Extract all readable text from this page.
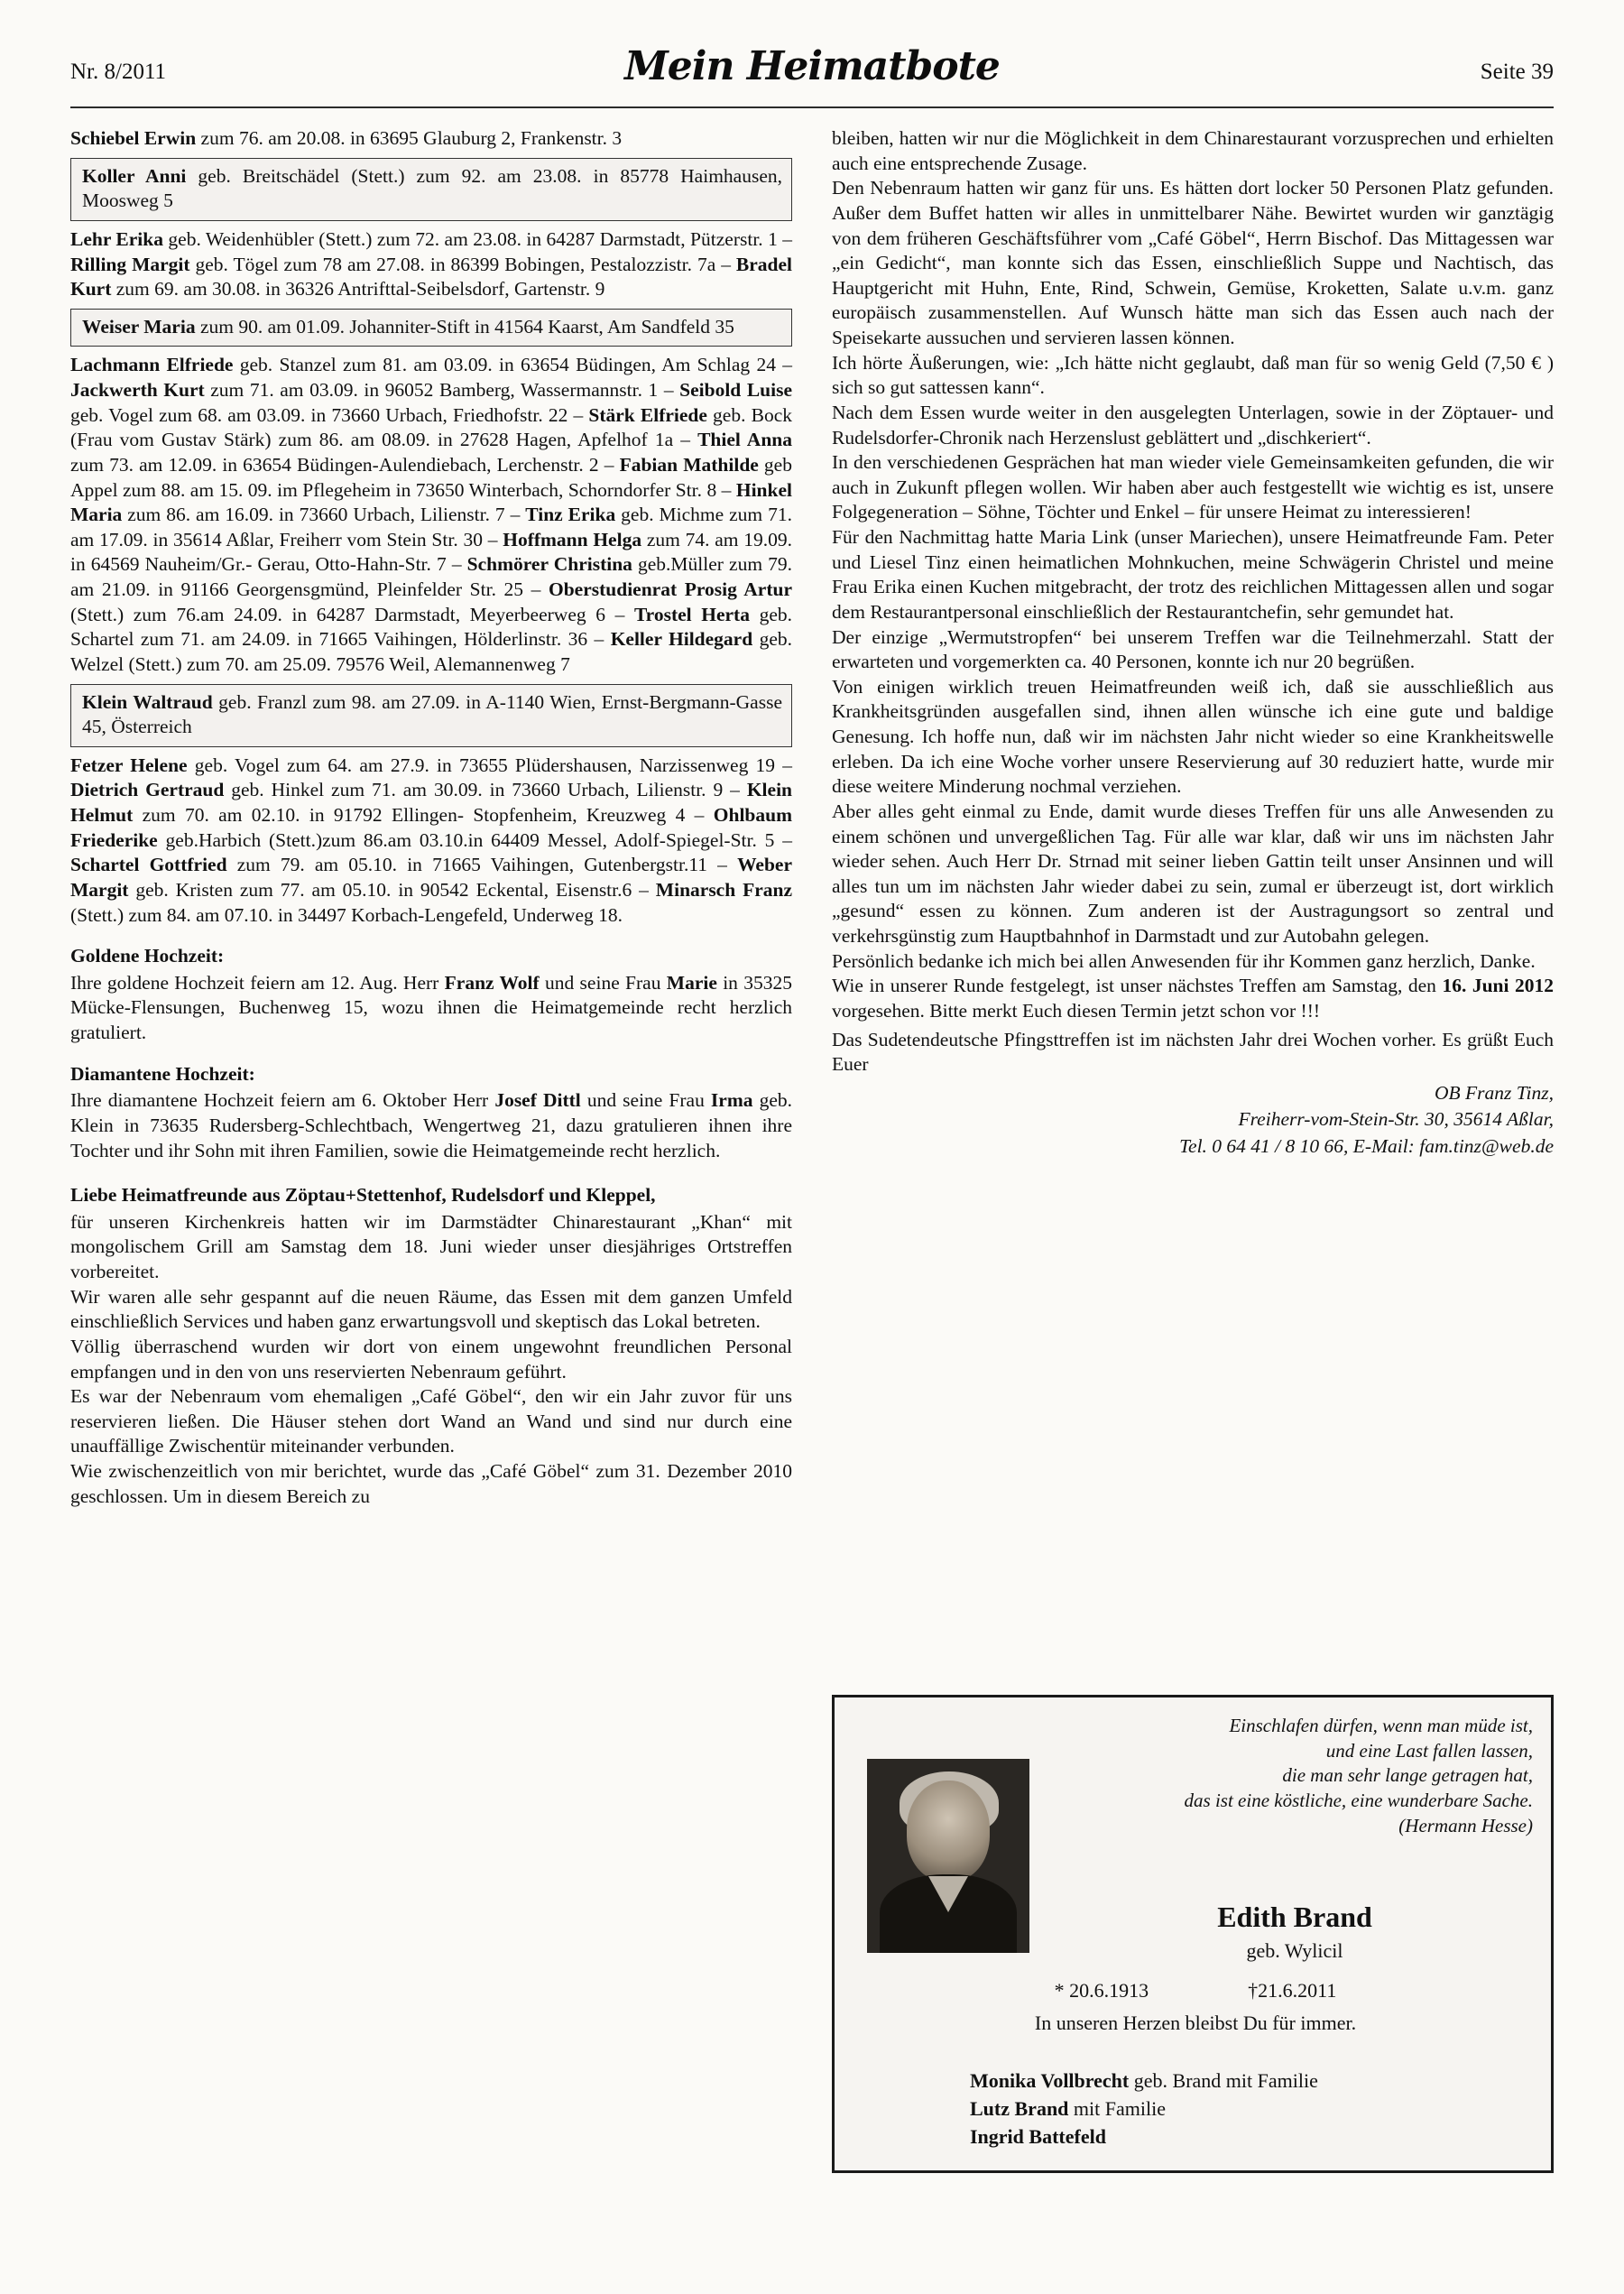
Nr. 8/2011	Mein Heimatbote	Seite 39

Schiebel Erwin zum 76. am 20.08. in 63695 Glauburg 2, Frankenstr. 3

Koller Anni geb. Breitschädel (Stett.) zum 92. am 23.08. in 85778 Haimhausen, Moosweg 5

Lehr Erika geb. Weidenhübler (Stett.) zum 72. am 23.08. in 64287 Darmstadt, Pützerstr. 1 – Rilling Margit geb. Tögel zum 78 am 27.08. in 86399 Bobingen, Pestalozzistr. 7a – Bradel Kurt zum 69. am 30.08. in 36326 Antrifttal-Seibelsdorf, Gartenstr. 9

Weiser Maria zum 90. am 01.09. Johanniter-Stift in 41564 Kaarst, Am Sandfeld 35

Lachmann Elfriede geb. Stanzel zum 81. am 03.09. in 63654 Büdingen, Am Schlag 24 – Jackwerth Kurt zum 71. am 03.09. in 96052 Bamberg, Wassermannstr. 1 – Seibold Luise geb. Vogel zum 68. am 03.09. in 73660 Urbach, Friedhofstr. 22 – Stärk Elfriede geb. Bock (Frau vom Gustav Stärk) zum 86. am 08.09. in 27628 Hagen, Apfelhof 1a – Thiel Anna zum 73. am 12.09. in 63654 Büdingen-Aulendiebach, Lerchenstr. 2 – Fabian Mathilde geb Appel zum 88. am 15. 09. im Pflegeheim in 73650 Winterbach, Schorndorfer Str. 8 – Hinkel Maria zum 86. am 16.09. in 73660 Urbach, Lilienstr. 7 – Tinz Erika geb. Michme zum 71. am 17.09. in 35614 Aßlar, Freiherr vom Stein Str. 30 – Hoffmann Helga zum 74. am 19.09. in 64569 Nauheim/Gr.- Gerau, Otto-Hahn-Str. 7 – Schmörer Christina geb.Müller zum 79. am 21.09. in 91166 Georgensgmünd, Pleinfelder Str. 25 – Oberstudienrat Prosig Artur (Stett.) zum 76.am 24.09. in 64287 Darmstadt, Meyerbeerweg 6 – Trostel Herta geb. Schartel zum 71. am 24.09. in 71665 Vaihingen, Hölderlinstr. 36 – Keller Hildegard geb. Welzel (Stett.) zum 70. am 25.09. 79576 Weil, Alemannenweg 7

Klein Waltraud geb. Franzl zum 98. am 27.09. in A-1140 Wien, Ernst-Bergmann-Gasse 45, Österreich

Fetzer Helene geb. Vogel zum 64. am 27.9. in 73655 Plüdershausen, Narzissenweg 19 – Dietrich Gertraud geb. Hinkel zum 71. am 30.09. in 73660 Urbach, Lilienstr. 9 – Klein Helmut zum 70. am 02.10. in 91792 Ellingen- Stopfenheim, Kreuzweg 4 – Ohlbaum Friederike geb.Harbich (Stett.)zum 86.am 03.10.in 64409 Messel, Adolf-Spiegel-Str. 5 – Schartel Gottfried zum 79. am 05.10. in 71665 Vaihingen, Gutenbergstr.11 – Weber Margit geb. Kristen zum 77. am 05.10. in 90542 Eckental, Eisenstr.6 – Minarsch Franz (Stett.) zum 84. am 07.10. in 34497 Korbach-Lengefeld, Underweg 18.

Goldene Hochzeit:

Ihre goldene Hochzeit feiern am 12. Aug. Herr Franz Wolf und seine Frau Marie in 35325 Mücke-Flensungen, Buchenweg 15, wozu ihnen die Heimatgemeinde recht herzlich gratuliert.

Diamantene Hochzeit:

Ihre diamantene Hochzeit feiern am 6. Oktober Herr Josef Dittl und seine Frau Irma geb. Klein in 73635 Rudersberg-Schlechtbach, Wengertweg 21, dazu gratulieren ihnen ihre Tochter und ihr Sohn mit ihren Familien, sowie die Heimatgemeinde recht herzlich.

Liebe Heimatfreunde aus Zöptau+Stettenhof, Rudelsdorf und Kleppel,

für unseren Kirchenkreis hatten wir im Darmstädter Chinarestaurant „Khan“ mit mongolischem Grill am Samstag dem 18. Juni wieder unser diesjähriges Ortstreffen vorbereitet.

Wir waren alle sehr gespannt auf die neuen Räume, das Essen mit dem ganzen Umfeld einschließlich Services und haben ganz erwartungsvoll und skeptisch das Lokal betreten.

Völlig überraschend wurden wir dort von einem ungewohnt freundlichen Personal empfangen und in den von uns reservierten Nebenraum geführt.

Es war der Nebenraum vom ehemaligen „Café Göbel“, den wir ein Jahr zuvor für uns reservieren ließen. Die Häuser stehen dort Wand an Wand und sind nur durch eine unauffällige Zwischentür miteinander verbunden.

Wie zwischenzeitlich von mir berichtet, wurde das „Café Göbel“ zum 31. Dezember 2010 geschlossen. Um in diesem Bereich zu

bleiben, hatten wir nur die Möglichkeit in dem Chinarestaurant vorzusprechen und erhielten auch eine entsprechende Zusage.

Den Nebenraum hatten wir ganz für uns. Es hätten dort locker 50 Personen Platz gefunden. Außer dem Buffet hatten wir alles in unmittelbarer Nähe. Bewirtet wurden wir ganztägig von dem früheren Geschäftsführer vom „Café Göbel“, Herrn Bischof. Das Mittagessen war „ein Gedicht“, man konnte sich das Essen, einschließlich Suppe und Nachtisch, das Hauptgericht mit Huhn, Ente, Rind, Schwein, Gemüse, Kroketten, Salate u.v.m. ganz europäisch zusammenstellen. Auf Wunsch hätte man sich das Essen auch nach der Speisekarte aussuchen und servieren lassen können.

Ich hörte Äußerungen, wie: „Ich hätte nicht geglaubt, daß man für so wenig Geld (7,50 € ) sich so gut sattessen kann“.

Nach dem Essen wurde weiter in den ausgelegten Unterlagen, sowie in der Zöptauer- und Rudelsdorfer-Chronik nach Herzenslust geblättert und „dischkeriert“.

In den verschiedenen Gesprächen hat man wieder viele Gemeinsamkeiten gefunden, die wir auch in Zukunft pflegen wollen. Wir haben aber auch festgestellt wie wichtig es ist, unsere Folgegeneration – Söhne, Töchter und Enkel – für unsere Heimat zu interessieren!

Für den Nachmittag hatte Maria Link (unser Mariechen), unsere Heimatfreunde Fam. Peter und Liesel Tinz einen heimatlichen Mohnkuchen, meine Schwägerin Christel und meine Frau Erika einen Kuchen mitgebracht, der trotz des reichlichen Mittagessen allen und sogar dem Restaurantpersonal einschließlich der Restaurantchefin, sehr gemundet hat.

Der einzige „Wermutstropfen“ bei unserem Treffen war die Teilnehmerzahl. Statt der erwarteten und vorgemerkten ca. 40 Personen, konnte ich nur 20 begrüßen.

Von einigen wirklich treuen Heimatfreunden weiß ich, daß sie ausschließlich aus Krankheitsgründen ausgefallen sind, ihnen allen wünsche ich eine gute und baldige Genesung. Ich hoffe nun, daß wir im nächsten Jahr nicht wieder so eine Krankheitswelle erleben. Da ich eine Woche vorher unsere Reservierung auf 30 reduziert hatte, wurde mir diese weitere Minderung nochmal verziehen.

Aber alles geht einmal zu Ende, damit wurde dieses Treffen für uns alle Anwesenden zu einem schönen und unvergeßlichen Tag. Für alle war klar, daß wir uns im nächsten Jahr wieder sehen. Auch Herr Dr. Strnad mit seiner lieben Gattin teilt unser Ansinnen und will alles tun um im nächsten Jahr wieder dabei zu sein, zumal er überzeugt ist, dort wirklich „gesund“ essen zu können. Zum anderen ist der Austragungsort so zentral und verkehrsgünstig zum Hauptbahnhof in Darmstadt und zur Autobahn gelegen.

Persönlich bedanke ich mich bei allen Anwesenden für ihr Kommen ganz herzlich, Danke.

Wie in unserer Runde festgelegt, ist unser nächstes Treffen am Samstag, den 16. Juni 2012 vorgesehen. Bitte merkt Euch diesen Termin jetzt schon vor !!!

Das Sudetendeutsche Pfingsttreffen ist im nächsten Jahr drei Wochen vorher. Es grüßt Euch Euer

OB Franz Tinz,
Freiherr-vom-Stein-Str. 30, 35614 Aßlar,
Tel. 0 64 41 / 8 10 66, E-Mail: fam.tinz@web.de
Einschlafen dürfen, wenn man müde ist,
und eine Last fallen lassen,
die man sehr lange getragen hat,
das ist eine köstliche, eine wunderbare Sache.
(Hermann Hesse)
Edith Brand
geb. Wylicil
* 20.6.1913	†21.6.2011
In unseren Herzen bleibst Du für immer.
Monika Vollbrecht geb. Brand mit Familie
Lutz Brand mit Familie
Ingrid Battefeld
